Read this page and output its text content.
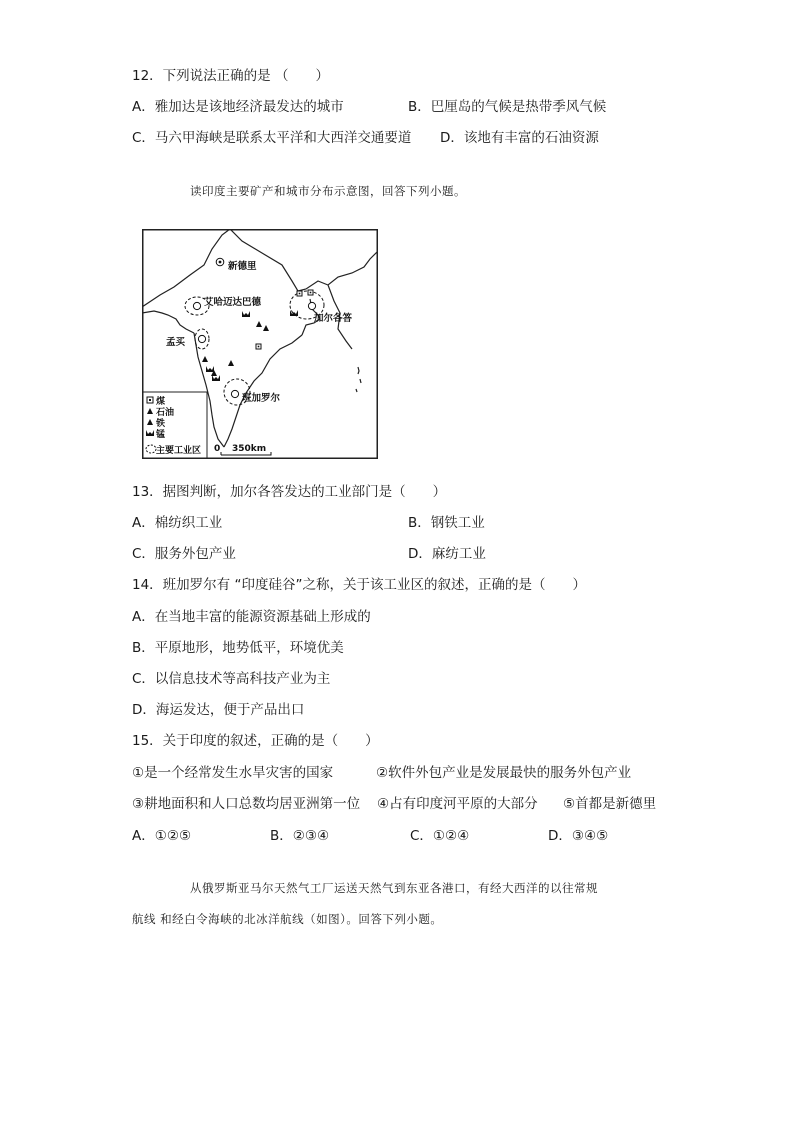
12．下列说法正确的是 （　　）
A．雅加达是该地经济最发达的城市	B．巴厘岛的气候是热带季风气候
C．马六甲海峡是联系太平洋和大西洋交通要道 D．该地有丰富的石油资源
读印度主要矿产和城市分布示意图，回答下列小题。
新德里
艾哈迈达巴德
孟买
加尔各答
班加罗尔
煤
石油
铁
锰
主要工业区 0 350km
13．据图判断，加尔各答发达的工业部门是（　　）
A．棉纺织工业	B．钢铁工业
C．服务外包产业	D．麻纺工业
14．班加罗尔有 “印度硅谷”之称，关于该工业区的叙述，正确的是（　　）
A．在当地丰富的能源资源基础上形成的
B．平原地形，地势低平，环境优美
C．以信息技术等高科技产业为主
D．海运发达，便于产品出口
15．关于印度的叙述，正确的是（　　）
①是一个经常发生水旱灾害的国家	②软件外包产业是发展最快的服务外包产业
③耕地面积和人口总数均居亚洲第一位 ④占有印度河平原的大部分 ⑤首都是新德里
A．①②⑤	B．②③④	C．①②④	D．③④⑤
从俄罗斯亚马尔天然气工厂运送天然气到东亚各港口，有经大西洋的以往常规
航线 和经白令海峡的北冰洋航线（如图）。回答下列小题。
